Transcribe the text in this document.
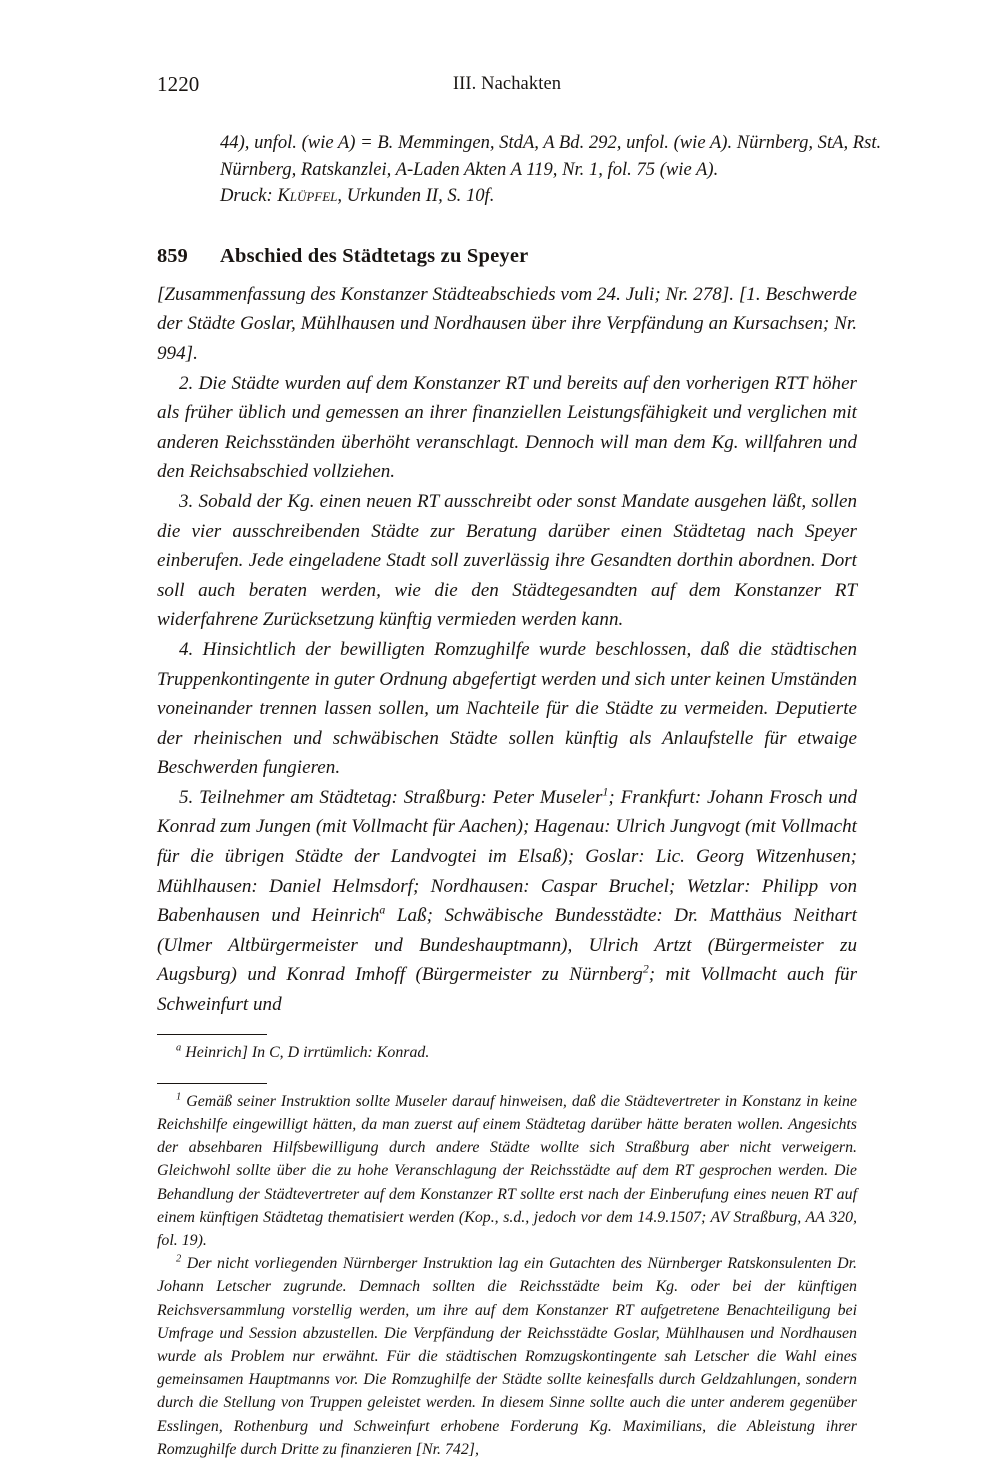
1220	III. Nachakten
44), unfol. (wie A) = B. Memmingen, StdA, A Bd. 292, unfol. (wie A). Nürnberg, StA, Rst.
Nürnberg, Ratskanzlei, A-Laden Akten A 119, Nr. 1, fol. 75 (wie A).
Druck: Klüpfel, Urkunden II, S. 10f.
859 Abschied des Städtetags zu Speyer

[Zusammenfassung des Konstanzer Städteabschieds vom 24. Juli; Nr. 278]. [1. Beschwerde der Städte Goslar, Mühlhausen und Nordhausen über ihre Verpfändung an Kursachsen; Nr. 994].

2. Die Städte wurden auf dem Konstanzer RT und bereits auf den vorherigen RTT höher als früher üblich und gemessen an ihrer finanziellen Leistungsfähigkeit und verglichen mit anderen Reichsständen überhöht veranschlagt. Dennoch will man dem Kg. willfahren und den Reichsabschied vollziehen.

3. Sobald der Kg. einen neuen RT ausschreibt oder sonst Mandate ausgehen läßt, sollen die vier ausschreibenden Städte zur Beratung darüber einen Städtetag nach Speyer einberufen. Jede eingeladene Stadt soll zuverlässig ihre Gesandten dorthin abordnen. Dort soll auch beraten werden, wie die den Städtegesandten auf dem Konstanzer RT widerfahrene Zurücksetzung künftig vermieden werden kann.

4. Hinsichtlich der bewilligten Romzughilfe wurde beschlossen, daß die städtischen Truppenkontingente in guter Ordnung abgefertigt werden und sich unter keinen Umständen voneinander trennen lassen sollen, um Nachteile für die Städte zu vermeiden. Deputierte der rheinischen und schwäbischen Städte sollen künftig als Anlaufstelle für etwaige Beschwerden fungieren.

5. Teilnehmer am Städtetag: Straßburg: Peter Museler$^1$; Frankfurt: Johann Frosch und Konrad zum Jungen (mit Vollmacht für Aachen); Hagenau: Ulrich Jungvogt (mit Vollmacht für die übrigen Städte der Landvogtei im Elsaß); Goslar: Lic. Georg Witzenhusen; Mühlhausen: Daniel Helmsdorf; Nordhausen: Caspar Bruchel; Wetzlar: Philipp von Babenhausen und Heinrich$^a$ Laß; Schwäbische Bundesstädte: Dr. Matthäus Neithart (Ulmer Altbürgermeister und Bundeshauptmann), Ulrich Artzt (Bürgermeister zu Augsburg) und Konrad Imhoff (Bürgermeister zu Nürnberg$^2$; mit Vollmacht auch für Schweinfurt und

$^a$ Heinrich] In C, D irrtümlich: Konrad.

$^1$ Gemäß seiner Instruktion sollte Museler darauf hinweisen, daß die Städtevertreter in Konstanz in keine Reichshilfe eingewilligt hätten, da man zuerst auf einem Städtetag darüber hätte beraten wollen. Angesichts der absehbaren Hilfsbewilligung durch andere Städte wollte sich Straßburg aber nicht verweigern. Gleichwohl sollte über die zu hohe Veranschlagung der Reichsstädte auf dem RT gesprochen werden. Die Behandlung der Städtevertreter auf dem Konstanzer RT sollte erst nach der Einberufung eines neuen RT auf einem künftigen Städtetag thematisiert werden (Kop., s.d., jedoch vor dem 14.9.1507; AV Straßburg, AA 320, fol. 19).

$^2$ Der nicht vorliegenden Nürnberger Instruktion lag ein Gutachten des Nürnberger Ratskonsulenten Dr. Johann Letscher zugrunde. Demnach sollten die Reichsstädte beim Kg. oder bei der künftigen Reichsversammlung vorstellig werden, um ihre auf dem Konstanzer RT aufgetretene Benachteiligung bei Umfrage und Session abzustellen. Die Verpfändung der Reichsstädte Goslar, Mühlhausen und Nordhausen wurde als Problem nur erwähnt. Für die städtischen Romzugskontingente sah Letscher die Wahl eines gemeinsamen Hauptmanns vor. Die Romzughilfe der Städte sollte keinesfalls durch Geldzahlungen, sondern durch die Stellung von Truppen geleistet werden. In diesem Sinne sollte auch die unter anderem gegenüber Esslingen, Rothenburg und Schweinfurt erhobene Forderung Kg. Maximilians, die Ableistung ihrer Romzughilfe durch Dritte zu finanzieren [Nr. 742],
